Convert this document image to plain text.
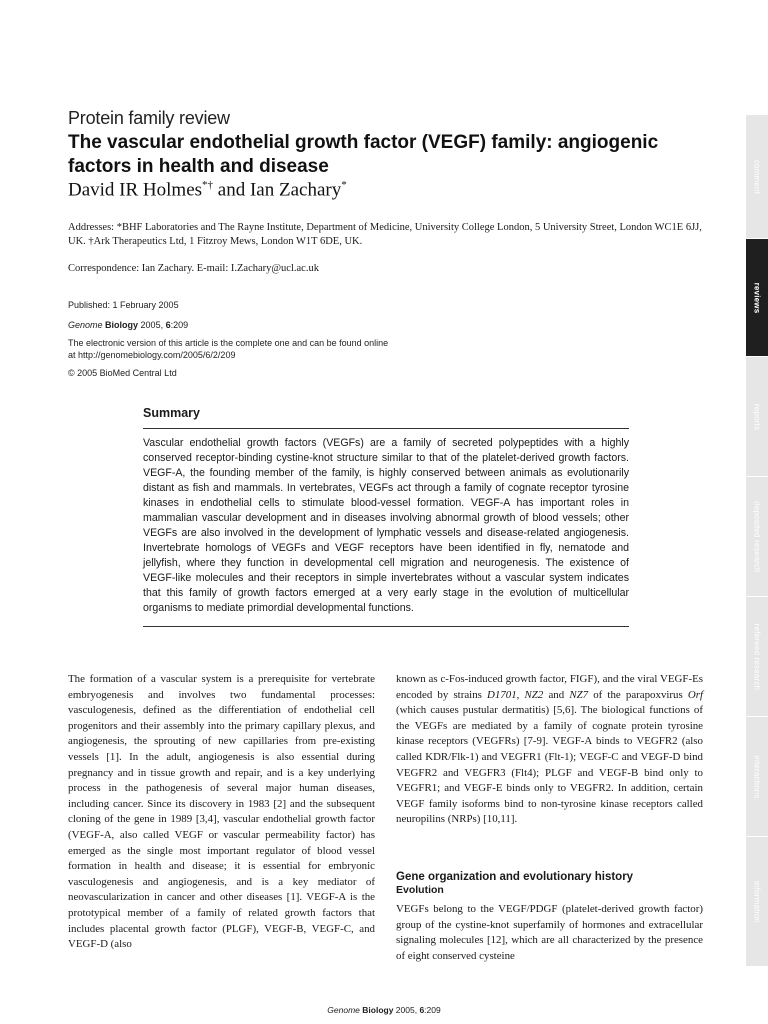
Protein family review
The vascular endothelial growth factor (VEGF) family: angiogenic factors in health and disease
David IR Holmes*† and Ian Zachary*
Addresses: *BHF Laboratories and The Rayne Institute, Department of Medicine, University College London, 5 University Street, London WC1E 6JJ, UK. †Ark Therapeutics Ltd, 1 Fitzroy Mews, London W1T 6DE, UK.
Correspondence: Ian Zachary. E-mail: I.Zachary@ucl.ac.uk
Published: 1 February 2005
Genome Biology 2005, 6:209
The electronic version of this article is the complete one and can be found online at http://genomebiology.com/2005/6/2/209
© 2005 BioMed Central Ltd
Summary

Vascular endothelial growth factors (VEGFs) are a family of secreted polypeptides with a highly conserved receptor-binding cystine-knot structure similar to that of the platelet-derived growth factors. VEGF-A, the founding member of the family, is highly conserved between animals as evolutionarily distant as fish and mammals. In vertebrates, VEGFs act through a family of cognate receptor tyrosine kinases in endothelial cells to stimulate blood-vessel formation. VEGF-A has important roles in mammalian vascular development and in diseases involving abnormal growth of blood vessels; other VEGFs are also involved in the development of lymphatic vessels and disease-related angiogenesis. Invertebrate homologs of VEGFs and VEGF receptors have been identified in fly, nematode and jellyfish, where they function in developmental cell migration and neurogenesis. The existence of VEGF-like molecules and their receptors in simple invertebrates without a vascular system indicates that this family of growth factors emerged at a very early stage in the evolution of multicellular organisms to mediate primordial developmental functions.

The formation of a vascular system is a prerequisite for vertebrate embryogenesis and involves two fundamental processes: vasculogenesis, defined as the differentiation of endothelial cell progenitors and their assembly into the primary capillary plexus, and angiogenesis, the sprouting of new capillaries from pre-existing vessels [1]. In the adult, angiogenesis is also essential during pregnancy and in tissue growth and repair, and is a key underlying process in the pathogenesis of several major human diseases, including cancer. Since its discovery in 1983 [2] and the subsequent cloning of the gene in 1989 [3,4], vascular endothelial growth factor (VEGF-A, also called VEGF or vascular permeability factor) has emerged as the single most important regulator of blood vessel formation in health and disease; it is essential for embryonic vasculogenesis and angiogenesis, and is a key mediator of neovascularization in cancer and other diseases [1]. VEGF-A is the prototypical member of a family of related growth factors that includes placental growth factor (PLGF), VEGF-B, VEGF-C, and VEGF-D (also

known as c-Fos-induced growth factor, FIGF), and the viral VEGF-Es encoded by strains D1701, NZ2 and NZ7 of the parapoxvirus Orf (which causes pustular dermatitis) [5,6]. The biological functions of the VEGFs are mediated by a family of cognate protein tyrosine kinase receptors (VEGFRs) [7-9]. VEGF-A binds to VEGFR2 (also called KDR/Flk-1) and VEGFR1 (Flt-1); VEGF-C and VEGF-D bind VEGFR2 and VEGFR3 (Flt4); PLGF and VEGF-B bind only to VEGFR1; and VEGF-E binds only to VEGFR2. In addition, certain VEGF family isoforms bind to non-tyrosine kinase receptors called neuropilins (NRPs) [10,11].

Gene organization and evolutionary history
Evolution

VEGFs belong to the VEGF/PDGF (platelet-derived growth factor) group of the cystine-knot superfamily of hormones and extracellular signaling molecules [12], which are all characterized by the presence of eight conserved cysteine

Genome Biology 2005, 6:209
comment
reviews
reports
deposited research
refereed research
interactions
information
